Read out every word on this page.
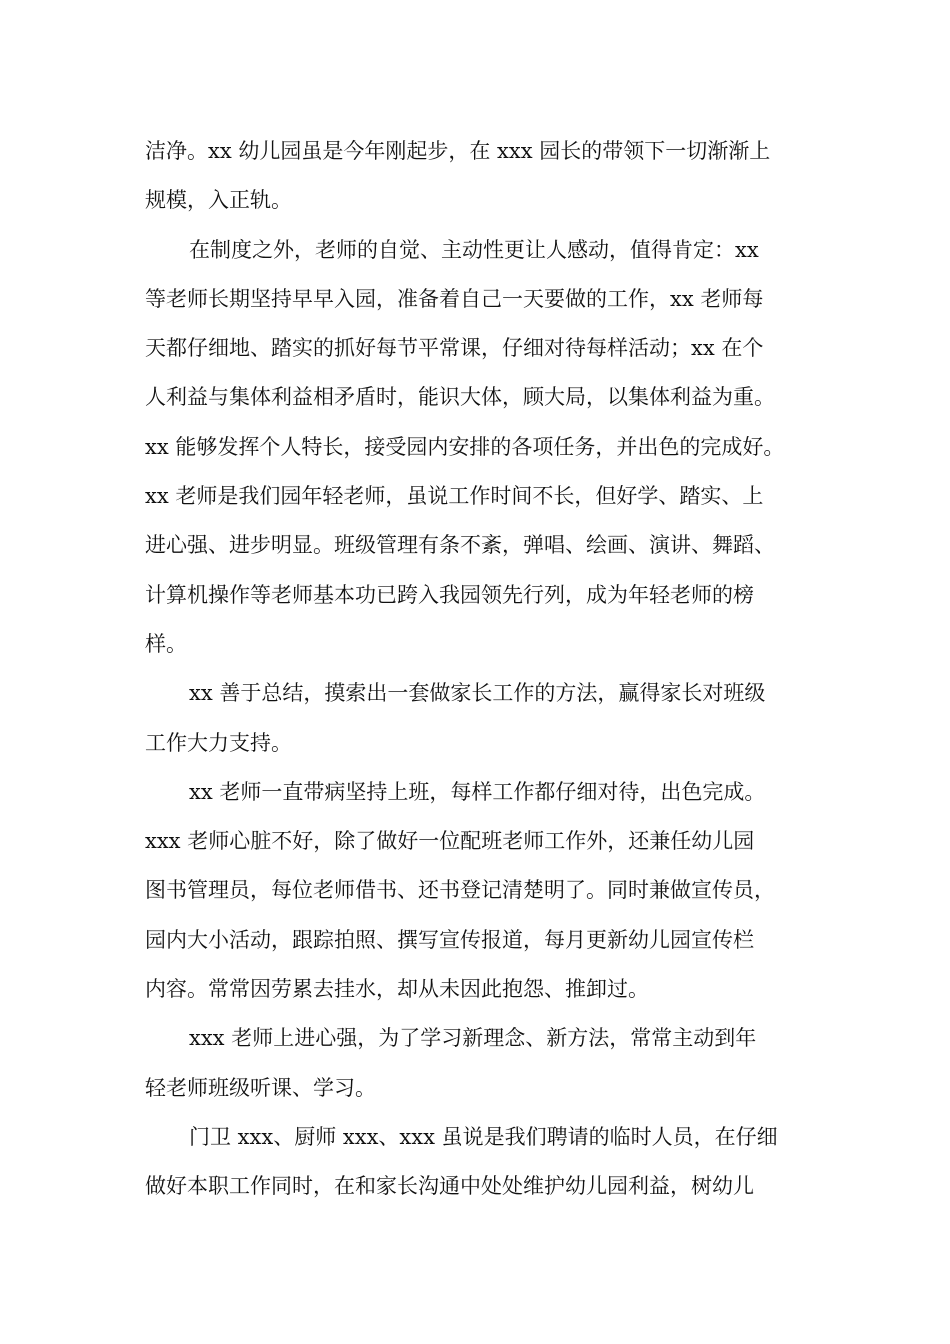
洁净。xx 幼儿园虽是今年刚起步，在 xxx 园长的带领下一切渐渐上
规模，入正轨。
在制度之外，老师的自觉、主动性更让人感动，值得肯定：xx
等老师长期坚持早早入园，准备着自己一天要做的工作，xx 老师每
天都仔细地、踏实的抓好每节平常课，仔细对待每样活动；xx 在个
人利益与集体利益相矛盾时，能识大体，顾大局，以集体利益为重。
xx 能够发挥个人特长，接受园内安排的各项任务，并出色的完成好。
xx 老师是我们园年轻老师，虽说工作时间不长，但好学、踏实、上
进心强、进步明显。班级管理有条不紊，弹唱、绘画、演讲、舞蹈、
计算机操作等老师基本功已跨入我园领先行列，成为年轻老师的榜
样。
xx 善于总结，摸索出一套做家长工作的方法，赢得家长对班级
工作大力支持。
xx 老师一直带病坚持上班，每样工作都仔细对待，出色完成。
xxx 老师心脏不好，除了做好一位配班老师工作外，还兼任幼儿园
图书管理员，每位老师借书、还书登记清楚明了。同时兼做宣传员，
园内大小活动，跟踪拍照、撰写宣传报道，每月更新幼儿园宣传栏
内容。常常因劳累去挂水，却从未因此抱怨、推卸过。
xxx 老师上进心强，为了学习新理念、新方法，常常主动到年
轻老师班级听课、学习。
门卫 xxx、厨师 xxx、xxx 虽说是我们聘请的临时人员，在仔细
做好本职工作同时，在和家长沟通中处处维护幼儿园利益，树幼儿
